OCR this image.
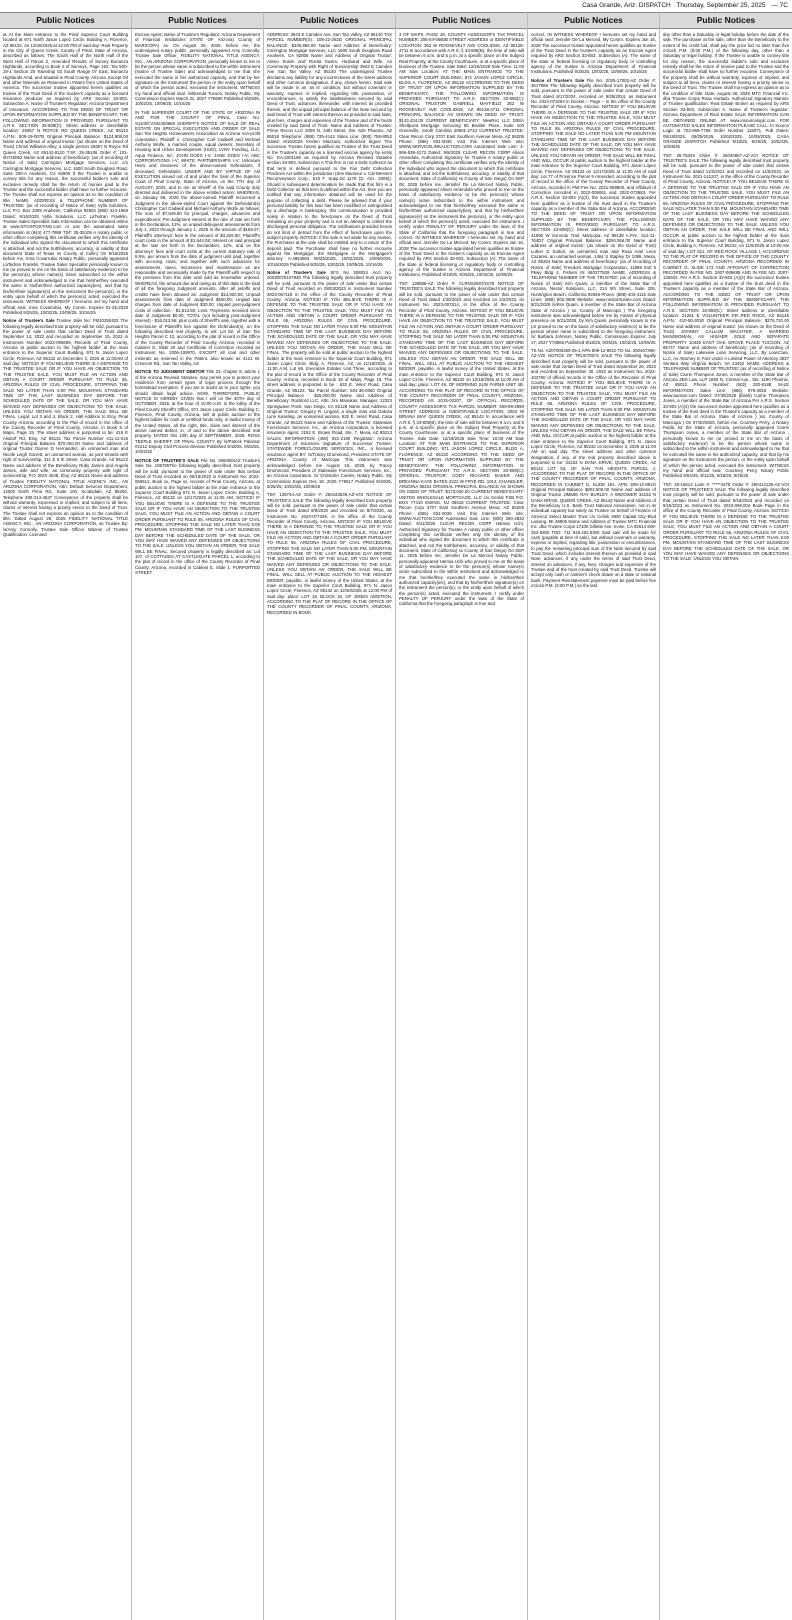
Casa Grande, Ariz. DISPATCH Thursday, September 25, 2025 — 7C
Public Notices

at At the Main entrance to the Pinal Superior Court Building located at 971 North Jason Lopez Circle, Building A, Florence, AZ 85132, on 12/30/2025 at 12:00 PM of said day: Real Property in the City of Queen Creek, County of Pinal, State of Arizona, described as follows: The South Half of the North Half of the West Half of Parcel 2, Amended Results of Survey Bonanza Highlands, according to Book 2 of Surveys, Page 192, Tax 500-19-1 Section 25 Township 03 South Range 07 East, Bonanza Highlands Amd, and situated in Pinal County, Arizona. Except Oil and other Minerals as Reserved in Patent from United States of America. The successor trustee appointed herein qualifies as trustee of the Trust Deed in the trustee's capacity as a licensed insurance producer as required by ARS Section 33-803, Subsection A. Name of Trustee's Regulator: Arizona Department of Insurance. ACCORDING TO THE DEED OF TRUST OR UPON INFORMATION SUPPLIED BY THE BENEFICIARY, THE FOLLOWING INFORMATION IS PROVIDED PURSUANT TO A.R.S. SECTION 33-808(C): Street address or identifiable location: 29357 N ROYCE RD QUEEN CREEK, AZ 85142 A.P.N.: 509-19-007B Original Principal Balance: $124,908.00 Name and address of original trustor: (as shown on the Deed of Trust) Christi Williams-Alley, a single person 29357 N Royce Rd Queen Creek, AZ 85142-8120 T.S#: 25-35106 Order #: 101-00715062 Name and address of beneficiary: (as of recording of Notice of Sale) Carrington Mortgage Services, LLC c/o Carrington Mortgage Services, LLC 1600 South Douglass Road, Suite 200-A Anaheim, CA 92806 If the Trustee is unable to convey title for any reason, the successful bidder's sole and exclusive remedy shall be the return of monies paid to the Trustee and the successful bidder shall have no further recourse. The Trustee shall not express an opinion as to the condition of title. NAME, ADDRESS & TELEPHONE NUMBER OF TRUSTEE: (as of recording of Notice of Sale) Vylla Solutions, LLC P.O. Box 3309 Anaheim, California 92803 (888) 313-1969 Dated: 9/16/2025 Vylla Solutions, LLC LaTedran Franklin, Trustee Sales Specialist Sale Information can be obtained online at www.STOXPOSTING.com or use the automated sales information at (844) 477-7869 TS#: 25-35106 A notary public or other officer completing this certificate verifies only the identity of the individual who signed the document to which this certificate is attached, and not the truthfulness, accuracy, or validity of that document State of Texas ss County of Collin) On 9/16/2025 before me, Irma Covarrubio Notary Public, personally appeared LaTedran Franklin, Trustee Sales Specialist personally known to me (or proved to me on the basis of satisfactory evidence) to be the person(s) whose name(s) is/are subscribed to the within instrument and acknowledged to me that he/she/they executed the same in his/her/their authorized capacity(ies), and that by his/her/their signature(s) on the instrument the person(s), or the entity upon behalf of which the person(s) acted, executed the instrument. WITNESS WHEREOF I hereunto set my hand and official seal. Irma Covarrubio, My Comm. Expires 01-25-2028 Published 9/25/25, 10/02/25, 10/09/25, 10/16/25

Notice of Trustee's Sale Trustee Sale No: FM10250403 The following legally described trust property will be sold, pursuant to the power of sale under that certain Deed of Trust dated September 14, 2022 and recorded on September 15, 2022 in Instrument Number 2022-096699, Records of Pinal County, Arizona at public auction to the highest bidder at the main entrance to the Superior Court Building, 971 N. Jason Lopez Circle, Florence, AZ 85132 on December 3, 2025 at 11:00AM of said day: NOTICE! IF YOU BELIEVE THERE IS A DEFENSE TO THE TRUSTEE SALE OR IF YOU HAVE AN OBJECTION TO THE TRUSTEE SALE, YOU MUST FILE AN ACTION AND OBTAIN A COURT ORDER PURSUANT TO RULE 65, ARIZONA RULES OF CIVIL PROCEDURE, STOPPING THE SALE NO LATER THAN 5:00 PM. MOUNTAIN STANDARD TIME OF THE LAST BUSINESS DAY BEFORE THE SCHEDULED DATE OF THE SALE, OR YOU MAY HAVE WAIVED ANY DEFENSES OR OBJECTIONS TO THE SALE. UNLESS YOU OBTAIN AN ORDER, THE SALE WILL BE FINAL. Legal: Lot 3 and 4, Block 2, Hall Addition to Eloy, Pinal County Arizona, according to the Plat of record in the office of the County Recorder of Pinal County, Arizona, in Book 5 of Maps, Page 15. The street address is purported to be: 415 E Alsdorf Rd, Eloy, AZ 85131 Tax Parcel Number 411-11-016 Original Principal Balance $70,000.00 Name and address of original Trustor Darren D Hernandez, an unmarried man and Nicole Leigh Garrett, an unmarried woman, as joint tenants with right of survivorship, 311 E 9 th Street, Casa Grande, AZ 85122 Name and address of the Beneficiary Ruby James and Angela James, wife and wife, as community property with right of survivorship, P.O. BOX 4048, Eloy, AZ 85131 Name and address of Trustee FIDELITY NATIONAL TITLE AGENCY, INC., AN ARIZONA CORPORATION, Attn: Default Services Department, 14000 North Pima Rd., Suite 100, Scottsdale, AZ 85260, Telephone 480-214-4537 Conveyance of the property shall be without warranty, expressed or implied, and subject to all liens, claims or interest having a priority senior to the Deed of Trust. The Trustee shall not express an opinion as to the condition of title. Dated August 29, 2025 FIDELITY NATIONAL TITLE AGENCY, INC., AN ARIZONA CORPORATION, as Trustee By: /s/Amy Connolly, Trustee Sale Officer Manner of Trustee Qualification: Licensed

Public Notices

Escrow Agent, Name of Trustee's Regulator: Arizona Department of Financial Institutions STATE OF Arizona) County of MARICOPA) ss. On August 29, 2025, before me, the undersigned notary public, personally appeared Amy Connolly, Trustee Sale Officer, FIDELITY NATIONAL TITLE AGENCY, INC., AN ARIZONA CORPORATION, personally known to me to be the person whose name is subscribed to the within instrument (Notice of Trustee Sale) and acknowledged to me that she executed the same in her authorized capacity, and that by her signature on the instrument the person or the entity upon behalf of which the person acted, executed the instrument. WITNESS my hand and official seal. /s/Brenda Tucson, Notary Public, My Commission Expires March 31, 2027 Y78690 Published 9/25/25, 10/02/25, 10/09/25, 10/16/25

IN THE SUPERIOR COURT OF THE STATE OF ARIZONA IN AND FOR THE COUNTY OF PINAL Case No. S1100CV202400686 SHERIFF'S NOTICE OF SALE OF REAL ESTATE ON SPECIAL EXECUTION AND ORDER OF SALE San Tan Heights Homeowners Association an Arizona non-profit corporation, Plaintiff v. Christopher Carl Cadwell and Michael Anthony Wolfe, a married couple, equal owners; Secretary of Housing and Urban Development (HUD); LVNV Funding, LLC; Aqua Finance, Inc; JOHN DOES I-V; JANE DOES I-V; ABC CORPORATIONS I-V; WHITE PARTNERSHIPS I-V; Unknown Heirs and Devisees of the above-named Defendants, if deceased, Defendants. UNDER AND BY VIRTUE OF AN EXECUTION issued out of and under the Seal of the Superior Court of Pinal County, State of Arizona, on the 7TH day of AUGUST, 2025, and to me as Sheriff of the said County duly directed and delivered in the above entitled action: WHEREAS, on January 06, 2025 the above-named Plaintiff recovered a Judgment in the above-styled Court against the Defendant(s) Christopher Carl Cadwell and Michael Anthony Wolfe as follows: The sum of $7,849.50 for principal, charges, advances and expenditures; Pre-Judgment interest at the rate of rate set forth in the Declaration, 12%, on unpaid delinquent assessments from July 1, 2023 through January 1, 2025 in the amount of $169.07; Plaintiff's attorneys' fees in the amount of $4,326.50; Plaintiff's court costs in the amount of $1,644.08; Interest on said principal at the rate set forth in the Declaration, 12%, and on the attorneys' fees and court costs at the current statutory rate of 8.5%, per annum from the date of judgment until paid, together with accruing costs; and together with such advances for assessments, taxes, insurances and maintenance as are reasonable and necessarily made by the Plaintiff with respect to the premises from this date until sold as hereinafter ordered. WHEREAS, the amount due and owing as of this date is the total of all the foregoing Judgment amounts, after all setoffs and credits have been allowed as: Judgment $13,820.08; Unpaid assessments from date of Judgment $500.00; Unpaid late charges from date of Judgment $30.00; Unpaid post-judgment costs of collection - $1,613.50; Less: Payments received since date of Judgment $0.00; TOTAL (not including post-Judgment interest) - $16,013.58, plus costs of Sheriff's sale, together with a foreclosure of Plaintiff's lien against the Defendant(s), on the following described real property, to wit: Lot 52, of San Tan Heights Parcel C 12, according to the plat of record in the Office of the County Recorder of Pinal County, Arizona, recorded in Cabinet G, Slide 20 and Certificate of Correction recorded as Instrument No. 2006-109970. EXCEPT all coal and other minerals as reserved in the Patent. also known as 4121 W. Crescent Rd., San Tan Valley, AZ.

NOTICE TO JUDGMENT DEBTOR Title 33, chapter 8, article 1 of the Arizona Revised Statutes, may permit you to protect your residence from certain types of legal process through the homestead exemption. If you are in doubt as to your rights, you should obtain legal advice. NOW, THEREFORE, PUBLIC NOTICE IS HEREBY GIVEN that I will on the 30TH day of OCTOBER, 2025, at the hour of 10:00 A.M. in the lobby of the Pinal County Sheriff's Office, 971 Jason Lopez Circle, Building C, Florence, Pinal County, Arizona, sell at public auction to the highest bidder for cash or certified funds only, in lawful money of the United States, all the right, title, claim and interest of the above named debtor, in, of and to the above described real property. DATED this 10th day of SEPTEMBER, 2025. ROSS TEEPLE SHERIFF OF PINAL COUNTY By /s/Patrick Palomar #2212 Deputy Civil Process Division Published 9/18/25, 9/25/25, 10/02/25

NOTICE OF TRUSTEE'S SALE File No. 2684584AZ Trustee's Sale No. 186795The following legally described trust property will be sold, pursuant to the power of sale under that certain Deed of Trust recorded on 05/18/2022 in Instrument No. 2022-066512, Book xx, Page xx, records of Pinal County, Arizona, at public auction to the highest bidder at the main entrance to the Superior Court Building 971 N. Jason Lopez Circle, Building A, Florence, AZ 85132 on 12/17/2025 at 11:00 AM, NOTICE! IF YOU BELIEVE THERE IS A DEFENSE TO THE TRUSTEE SALE OR IF YOU HAVE AN OBJECTION TO THE TRUSTEE SALE, YOU MUST FILE AN ACTION AND OBTAIN A COURT ORDER PURSUANT TO RULE 65, ARIZONA RULES OF CIVIL PROCEDURE, STOPPING THE SALE NO LATER THAN 5:00 PM. MOUNTAIN STANDARD TIME OF THE LAST BUSINESS DAY BEFORE THE SCHEDULED DATE OF THE SALE, OR YOU MAY HAVE WAIVED ANY DEFENSES OR OBJECTIONS TO THE SALE. UNLESS YOU OBTAIN AN ORDER, THE SALE WILL BE FINAL. Secured property is legally described as: Lot 107, of COTTAGES AT CASTLEGATE PARCEL 1, according to the plat of record in the office of the County Recorder of Pinal County, Arizona, recorded in Cabinet E, Slide 1. PURPORTED STREET

Public Notices

ADDRESS: 3943 E Camden Ave, San Tan Valley, AZ 85140 TAX PARCEL NUMBER(S): 109-22-262D ORIGINAL PRINCIPAL BALANCE: $345,956.00 Name and Address of Beneficiary: Carrington Mortgage Services, LLC 1600 South Douglass Road Anaheim, CA 92806 Name and Address of Original Trustor: Alvino Susim and Rosita Susim, Husband and Wife, As Community Property with Right of Survivorship 3943 E Camden Ave San Tan Valley, AZ 85140 The undersigned Trustee disclaims any liability for any incorrectness of the street address and other common designation, if any, shown herein. Said sale will be made in an 'as is' condition, but without covenant or warranty, express or implied, regarding title, possession, or encumbrances, to satisfy the indebtedness secured by said Deed of Trust, advances thereunder, with interest as provided therein, and the unpaid principal balance of the Note secured by said Deed of Trust with interest thereon as provided in said Note, plus fees, charges and expenses of the Trustee and of the trusts created by said Deed of Trust. Name and Address of Trustee: Prime Recon LLC 2009 N. 44th Street, Ste. 625 Phoenix, AZ 85018 Telephone: (888) 725-4142 Sales Line: (800) 758-8052 Dated: 9/16/2025 Kristen Mazzara, Authorized Signer The successor Trustee herein qualifies as Trustee of the Trust Deed in the Trustee's capacity as a licensed escrow agency by entity No: EA-2001166 as required by Arizona Revised Statutes section 33-803, Subsection A This firm is not a Debt Collector as that term is defined pursuant to the Fair Debt Collection Practices Act within the jurisdiction (See Mansour v. Cal-Western Reconveyance Corp., 618 F. Supp.2d 1178 (D. Ariz. 2009)). Should a subsequent determination be made that this firm is a Debt Collector as that term is defined within the Act, then you are notified that any information obtained will be used for the purpose of collecting a debt. Please be advised that if your personal liability for this loan has been modified or extinguished by a discharge in bankruptcy, this communication is provided solely in relation to the foreclosure on the Deed of Trust remaining on your property and is not an attempt to collect the discharged personal obligation. The notifications provided herein do not limit or detract from the effect of foreclosure upon the subject property. NOTICE: If the sale is set aside for any reason, the Purchaser at the sale shall be entitled only to a return of the deposit paid. The Purchaser shall have no further recourse against the Mortgagor, the Mortgagee or the Mortgagee's attorney. A-4853583 09/25/2025, 10/02/2025, 10/09/2025, 10/16/2025 Published 9/25/25, 10/02/25, 10/09/25, 10/16/25

Notice of Trustee's Sale SFS No 508024 Acct No. 20030076107930 The following legally described trust property will be sold, pursuant to the power of sale under that certain Deed of Trust recorded on 08/03/2023 in Instrument Number 2023-067115 in the office of the County Recorder of Pinal County, Arizona. NOTICE! IF YOU BELIEVE THERE IS A DEFENSE TO THE TRUSTEE SALE OR IF YOU HAVE AN OBJECTION TO THE TRUSTEE SALE, YOU MUST FILE AN ACTION AND OBTAIN A COURT ORDER PURSUANT TO RULE 65, ARIZONA RULES OF CIVIL PROCEDURE, STOPPING THE SALE NO LATER THAN 5:00 PM. MOUNTAIN STANDARD TIME OF THE LAST BUSINESS DAY BEFORE THE SCHEDULED DATE OF THE SALE, OR YOU MAY HAVE WAIVED ANY DEFENSES OR OBJECTIONS TO THE SALE. UNLESS YOU OBTAIN AN ORDER, THE SALE WILL BE FINAL. The property will be sold at public auction to the highest bidder at the main entrance to the Superior Court Building, 971 Jason Lopez Circle, Bldg. A, Florence, AZ, on 11/18/2025, at 11:00 A.M. Lot 66, Executive Estates Unit Three, according to the plat of record in the Office of the County Recorder of Pinal County, Arizona, recorded in Book 19 of Maps, Page 18. The street address is purported to be : 632 E. Velez Road, Casa Grande, AZ 85122. Tax Parcel Number: 504-36-0060 Original Principal Balance : $25,000.00 Name and Address of Beneficiary: Rocklord LLC, Attn: Jim Manukas, Manager, 12323 Springwave Point, San Diego, CA 92128 Name and Address of Original Trustor: Gregory R. Lingard, a single man and Dakota Lynn Keasling, an unmarried woman, 632 E. Velez Road, Casa Grande, AZ 85122 Name and Address of the Trustee: Statewide Foreclosure Services, Inc., an Arizona corporation, a licensed insurance agent, 2152 E. Brown Road, Ste. 7, Mesa, AZ 85213 SALES INFORMATION (480) 921-2190 Regulator: Arizona Department of Insurance Signature of Successor Trustee: STATEWIDE FORECLOSURE SERVICES, INC., a licensed insurance agent BY: /s/Tracey Drummond, President STATE OF ARIZONA, County of Maricopa This instrument was acknowledged before me August 18, 2025, by Tracey Drummond, President of Statewide Foreclosure Services, Inc., an Arizona corporation. /s/ Christofer Coelen, Notary Public, My Commission Expires Dec 10, 2025 Y78517 Published 9/18/25, 9/25/25, 10/02/25, 10/09/25

TS#: 139744-AZ Order #: 250443536-AZ-VOI NOTICE OF TRUSTEE'S SALE The following legally described trust property will be sold, pursuant to the power of sale under that certain Deed of Trust dated 8/9/2020 and recorded on 8/7/2020, as Instrument No. 2020-077329, in the office of the County Recorder of Pinal County, Arizona. NOTICE! IF YOU BELIEVE THERE IS A DEFENSE TO THE TRUSTEE SALE OR IF YOU HAVE AN OBJECTION TO THE TRUSTEE SALE, YOU MUST FILE AN ACTION AND OBTAIN A COURT ORDER PURSUANT TO RULE 65, ARIZONA RULES OF CIVIL PROCEDURE, STOPPING THE SALE NO LATER THAN 5:00 PM. MOUNTAIN STANDARD TIME OF THE LAST BUSINESS DAY BEFORE THE SCHEDULED DATE OF THE SALE, OR YOU MAY HAVE WAIVED ANY DEFENSES OR OBJECTIONS TO THE SALE. UNLESS YOU OBTAIN AN ORDER, THE SALE WILL BE FINAL. WILL SELL AT PUBLIC AUCTION TO THE HIGHEST BIDDER, payable, in lawful money of the United States, at the main entrance to the Superior Court Building, 971 N. Jason Lopez Circle, Florence, AZ 85132 on 12/30/2025 at 12:00 PM of said day: place: LOT 19, BLOCK 16, OF JONES ADDITION, ACCORDING TO THE PLAT OF RECORD IN THE OFFICE OF THE COUNTY RECORDER OF PINAL COUNTY, ARIZONA, RECORDED IN BOOK

Public Notices

3 OF MAPS, PAGE 28. COUNTY ASSESSOR'S TAX PARCEL NUMBER: 205-04-0580B STREET ADDRESS or IDENTIFIABLE LOCATION: 352 W ROOSEVELT AVE COOLIDGE, AZ 85128-4711 In accordance with A.R.S. § 33-808(B), the time of sale will be between 9 a.m. and 5 p.m. at a specific place on the Subject Real Property, at the County Courthouse, or at a specific place of business of the Trustee. Sale Date: 12/18/2025 Sale Time: 11:00 AM Sale Location: AT THE MAIN ENTRANCE TO THE SUPERIOR COURT BUILDING, 971 JASON LOPEZ CIRCLE, BLDG A, FLORENCE, AZ 85132 ACCORDING TO THE DEED OF TRUST OR UPON INFORMATION SUPPLIED BY THE BENEFICIARY, THE FOLLOWING INFORMATION IS PROVIDED PURSUANT TO A.R.S. SECTION 33-808(C): ORIGINAL TRUSTOR: GABRIELL MAYFIELD 352 W ROOSEVELT AVE COOLIDGE, AZ 85128-4711 ORIGINAL PRINCIPAL BALANCE AS SHOWN ON DEED OF TRUST: $143,434.00 CURRENT BENEFICIARY: NewRez LLC D/B/A Shellpoint Mortgage Servicing 55 Beattie Place, Suite 100 Greenville, South Carolina 29601-2743 CURRENT TRUSTEE: Clear Recon Corp 3707 East Southern Avenue Mesa, AZ 85206 Phone: (866) 931-0036 Visit this Internet Web site: WWW.SERVICELINKAUCTION.COM Automated Sale Line: 1-866-539-4173 Dated: 9/8/2025 CLEAR RECON CORP Alison Amendola, Authorized Signatory for Trustee A notary public or other officer completing this certificate verifies only the identity of the individual who signed the document to which this certificate is attached, and not the truthfulness, accuracy, or validity of that document. State of California) ss County of San Diego) On SEP 08, 2025 before me, Jennifer De La Merced Notary Public, personally appeared Alison Amendola who proved to me on the basis of satisfactory evidence to be the person(s) whose name(s) is/are subscribed to the within instrument and acknowledged to me that he/she/they executed the same in his/her/their authorized capacity(ies), and that by his/her/their signature(s) on the instrument the person(s), or the entity upon behalf of which the person(s) acted, executed the instrument. I certify under PENALTY OF PERJURY under the laws of the State of California that the foregoing paragraph is true and correct. IN WITNESS WHEREOF I hereunto set my hand and official seal. Jennifer De La Merced, My Comm. Expires Jan 16, 2028 The successor trustee appointed herein qualifies as trustee of the Trust Deed in the trustee's capacity as an Escrow Agent required by ARS Section 33-803, Subsection (A). The name of the state or federal licensing or regulatory body or controlling agency of the trustee is Arizona Department of Financial Institutions. Published 9/18/25, 9/25/25, 10/02/25, 10/09/25

TS#: 138586-AZ Order #: CLRNS2587/1079 NOTICE OF TRUSTEE'S SALE The following legally described trust property will be sold, pursuant to the power of sale under that certain Deed of Trust dated 1/30/2023 and recorded on 2/2/2023, as Instrument No. 2023-007814, in the office of the County Recorder of Pinal County, Arizona. NOTICE! IF YOU BELIEVE THERE IS A DEFENSE TO THE TRUSTEE SALE OR IF YOU HAVE AN OBJECTION TO THE TRUSTEE SALE, YOU MUST FILE AN ACTION AND OBTAIN A COURT ORDER PURSUANT TO RULE 65, ARIZONA RULES OF CIVIL PROCEDURE, STOPPING THE SALE NO LATER THAN 5:00 PM. MOUNTAIN STANDARD TIME OF THE LAST BUSINESS DAY BEFORE THE SCHEDULED DATE OF THE SALE, OR YOU MAY HAVE WAIVED ANY DEFENSES OR OBJECTIONS TO THE SALE. UNLESS YOU OBTAIN AN ORDER, THE SALE WILL BE FINAL. WILL SELL AT PUBLIC AUCTION TO THE HIGHEST BIDDER, payable, in lawful money of the United States, at the main entrance to the Superior Court Building, 971 N. Jason Lopez Circle, Florence, AZ 85132 on 12/18/2025 at 11:00 AM of said day: place: LOT 46, OF MORNING SUN FARMS UNIT 4B, ACCORDING TO THE PLAT OF RECORD IN THE OFFICE OF THE COUNTY RECORDER OF PINAL COUNTY, ARIZONA, RECORDED AS 2015-02207, OF OFFICIAL RECORDS. COUNTY ASSESSOR'S TAX PARCEL NUMBER: 509-99-2990 STREET ADDRESS or IDENTIFIABLE LOCATION: 2002 W BRIANA WAY QUEEN CREEK, AZ 85142 In accordance with A.R.S. § 33-808(B), the time of sale will be between 9 a.m. and 5 p.m. at a specific place on the Subject Real Property, at the County Courthouse, or at a specific place of business of the Trustee. Sale Date: 12/18/2025 Sale Time: 10:00 AM Sale Location: AT THE MAIN ENTRANCE TO THE SUPERIOR COURT BUILDING, 971 JASON LOPEZ CIRCLE, BLDG A, FLORENCE, AZ 85132 ACCORDING TO THE DEED OF TRUST OR UPON INFORMATION SUPPLIED BY THE BENEFICIARY, THE FOLLOWING INFORMATION IS PROVIDED PURSUANT TO A.R.S. SECTION 33-808(C): ORIGINAL TRUSTOR: CODY RICHARD BAKER AND BREANNA KAYE BATES 2222 W FRYE RD. 1014, CHANDLER, ARIZONA 85224 ORIGINAL PRINCIPAL BALANCE AS SHOWN ON DEED OF TRUST: $173,030.00 CURRENT BENEFICIARY: UNITED WHOLESALE MORTGAGE, LLC c/o Cenlar FSB P.O. BOX 77410 EWING, NJ 08618 CURRENT TRUSTEE: Clear Recon Corp 3707 East Southern Avenue Mesa, AZ 85206 Phone: (866) 931-0036 Visit this Internet Web site: WWW.AUCTION.COM Automated Sale Line: (800) 280-2832 Dated: 9/11/2025 CLEAR RECON CORP Hamsa Uchi, Authorized Signatory for Trustee A notary public or other officer completing this certificate verifies only the identity of the individual who signed the document to which this certificate is attached, and not the truthfulness, accuracy, or validity of that document. State of California) ss County of San Diego) On SEP 11, 2025 before me, Jennifer De La Merced Notary Public, personally appeared Hamsa Uchi who proved to me on the basis of satisfactory evidence to be the person(s) whose name(s) is/are subscribed to the within instrument and acknowledged to me that he/she/they executed the same in his/her/their authorized capacity(ies), and that by his/her/their signature(s) on the instrument the person(s), or the entity upon behalf of which the person(s) acted, executed the instrument. I certify under PENALTY OF PERJURY under the laws of the State of California that the foregoing paragraph is true and

Public Notices

correct. IN WITNESS WHEREOF I hereunto set my hand and official seal. Jennifer De La Merced, My Comm. Expires Jan 16, 2028 The successor trustee appointed herein qualifies as trustee of the Trust Deed in the trustee's capacity as an Escrow Agent required by ARS Section 33-803, Subsection (A). The name of the state or federal licensing or regulatory body or controlling agency of the trustee is Arizona Department of Financial Institutions. Published 9/25/25, 10/02/25, 10/09/25, 10/16/25

Notice of Trustee's Sale File No. 2025-17002-AZ Order #: 3617988 The following legally described trust property will be sold, pursuant to the power of sale under that certain Deed of Trust dated 9/17/2024, recorded on 9/25/2024, as Instrument No. 2024-073294 in Docket -- Page -- in the office of the County Recorder of Pinal County, Arizona. NOTICE! IF YOU BELIEVE THERE IS A DEFENSE TO THE TRUSTEE SALE OR IF YOU HAVE AN OBJECTION TO THE TRUSTEE SALE, YOU MUST FILE AN ACTION AND OBTAIN A COURT ORDER PURSUANT TO RULE 65, ARIZONA RULES OF CIVIL PROCEDURE, STOPPING THE SALE NO LATER THAN 5:00 PM MOUNTAIN STANDARD TIME OF THE LAST BUSINESS DAY BEFORE THE SCHEDULED DATE OF THE SALE, OR YOU MAY HAVE WAIVED ANY DEFENSES OR OBJECTIONS TO THE SALE. UNLESS YOU OBTAIN AN ORDER, THE SALE WILL BE FINAL AND WILL OCCUR at public auction to the highest bidder at the main entrance to the Superior Court Building, 971 Jason Lopez Circle, Florence, AZ 85132 on 12/17/2025 at 11:00 AM of said day: Lot 77 of Province Parcel 9 Amended, according to the plat of record in the office of the County Recorder of Pinal County, Arizona, recorded in Plat Fee No. 2021-088900, and Affidavit of Correction recorded in 2022-006061 and 2022-073883. Per A.R.S. Section 33-803 (A)(2), the successor trustee appointed here qualifies as a trustee of the trust deed in the Trustee's capacity as a member of the State Bar of Arizona. ACCORDING TO THE DEED OF TRUST OR UPON INFORMATION SUPPLIED BY THE BENEFICIARY, THE FOLLOWING INFORMATION IS PROVIDED PURSUANT TO A.R.S. SECTION 33-808(C): Street address or identifiable location: 41590 W Sonoran Trail, Maricopa, AZ 85138 A.P.N.: 512-11-764D7 Original Principal Balance: $294,556.00 Name and address of original trustor: (as shown on the Deed of Trust) Luther D Sutton, an unmarried man and Rosa Ariel Leon Cazares, an unmarried woman, 1464 S Stapley Dr 1086, Mesa, AZ 85204 Name and address of beneficiary: (as of recording of Notice of Sale) Freedom Mortgage Corporation, 11988 Exit 5 Pkwy Bldg 4, Fishers IN 460377939 NAME, ADDRESS & TELEPHONE NUMBER OF THE TRUSTEE: (as of recording of Notice of Sale) Kim Quam, a member of the State Bar of Arizona, Nestor Solutions, LLC, 214 5th Street, Suite 205, Huntington Beach, California 92648 Phone: (888) 403-4115 Sale Lines: (888) 902-3989 Website: www.nestortrustee.com Dated: 8/21/2025 /s/Kim Quam, a member of the State Bar of Arizona State of Arizona ) ss. County of Maricopa ) The foregoing instrument was acknowledged before me by means of physical presence on 8/21/2025, by Kim Quam, personally known to me (or proved to me on the basis of satisfactory evidence) to be the person whose name is subscribed to the foregoing instrument. /s/ Barbara Johnson, Notary Public, Commission Expires: July 17, 2027 Y78566 Published 9/18/25, 9/25/25, 10/02/25, 10/09/25

TS No. AZ07000260-25-1 APN 509-12-8910 TO No. 250467395-AZ-VOI NOTICE OF TRUSTEE'S SALE The following legally described trust property will be sold, pursuant to the power of sale under that certain Deed of Trust dated September 26, 2022 and recorded on September 30, 2022 as Instrument No. 2022-103780 of official records in the Office of the Recorder of Pinal County, Arizona. NOTICE! IF YOU BELIEVE THERE IS A DEFENSE TO THE TRUSTEE SALE OR IF YOU HAVE AN OBJECTION TO THE TRUSTEE SALE, YOU MUST FILE AN ACTION AND OBTAIN A COURT ORDER PURSUANT TO RULE 65, ARIZONA RULES OF CIVIL PROCEDURE, STOPPING THE SALE NO LATER THAN 5:00 PM. MOUNTAIN STANDARD TIME OF THE LAST BUSINESS DAY BEFORE THE SCHEDULED DATE OF THE SALE, OR YOU MAY HAVE WAIVED ANY DEFENSES OR OBJECTIONS TO THE SALE. UNLESS YOU OBTAIN AN ORDER, THE SALE WILL BE FINAL AND WILL OCCUR at public auction to the highest bidder at the main entrance to the Superior Court Building, 971 N. Jason Lopez Circle, Florence, AZ 85232 on December 3, 2025 at 11:00 AM on said day. The street address and other common designation, if any, of the real property described above is purported to be: 34153 N DANA DRIVE, QUEEN CREEK, AZ 85142 LOT 53, OF SAN TAN HEIGHTS PARCEL J, ACCORDING TO THE PLAT OF RECORD IN THE OFFICE OF THE COUNTY RECORDER OF PINAL COUNTY, ARIZONA, RECORDED IN CABINET G, SLIDE 181. APN: 509-12-891O Original Principal Balance $802,500.00 Name and address of Original Trustor JIMMIE RAY BURLEY, A WIDOWER 34153 N DANA DRIVE, QUEEN CREEK, AZ 85142 Name and Address of the Beneficiary U.S. Bank Trust National Association, not in its individual capacity but solely as Trustee on behalf of Finance of America Select Master Trust c/o Celink 3900 Capital City Blvd Lansing, MI 48906 Name and Address of Trustee MTC Financial Inc. dba Trustee Corps 17100 Gillette Ave, Irvine, CA 92614 949-252-8300 TDD: 711 949.252.8300 Said sale will be made for cash (payable at time of sale), but without covenant or warranty, express or implied, regarding title, possession or encumbrances, to pay the remaining principal sum of the Note secured by said Trust Deed, which includes interest thereon as provided in said Note, advances, if any under the terms of said Trust Deed, interest on advances, if any, fees, charges and expenses of the Trustee and of the trust created by said Trust Deed. Trustee will accept only cash or cashier's check drawn on a state or national bank. Payment Reinstatement payment must be paid before five o'clock P.M. (5:00 P.M.) on the last

Public Notices

day other than a Saturday or legal holiday before the date of the sale. The purchaser at the sale, other than the Beneficiary to the extent of his credit bid, shall pay the price bid no later than five o'clock P.M. (5:00 P.M.) of the following day, other than a Saturday or legal holiday. If the Trustee is unable to convey title for any reason, the successful bidder's sole and exclusive remedy shall be the return of monies paid to the Trustee and the successful bidder shall have no further recourse. Conveyance of the property shall be without warranty, express or implied, and subject to all liens, claims or interest having a priority senior to the Deed of Trust. The Trustee shall not express an opinion as to the condition of title. Date: August 28, 2025 MTC Financial Inc. dba Trustee Corps Rosa Hurtado, Authorized Signatory Manner of Trustee qualification: Real Estate Broker as required by ARS Section 33-803, Subsection A. Name of Trustee's regulator: Arizona Department of Real Estate SALE INFORMATION CAN BE OBTAINED ONLINE AT www.insourcelogic.com FOR AUTOMATED SALES INFORMATION PLEASE CALL: In Source Logic at 702-659-7766 Order Number 115071, Pub Dates: 09/18/2025, 09/25/2025, 10/02/2025, 10/09/2025, CASA GRANDE DISPATCH Published 9/18/25, 9/25/25, 10/02/25, 10/09/25

TS#: 25-75349 Order #: 25040857-AZ-VOI NOTICE OF TRUSTEE'S SALE The following legally described trust property will be sold, pursuant to the power of sale under that certain Deed of Trust dated 11/5/2021 and recorded on 11/5/2021, as Instrument No. 2021-141207, in the office of the County Recorder of Pinal County, Arizona. NOTICE! IF YOU BELIEVE THERE IS A DEFENSE TO THE TRUSTEE SALE OR IF YOU HAVE AN OBJECTION TO THE TRUSTEE SALE, YOU MUST FILE AN ACTION AND OBTAIN A COURT ORDER PURSUANT TO RULE 65, ARIZONA RULES OF CIVIL PROCEDURE, STOPPING THE SALE NO LATER THAN 5:00 PM. MOUNTAIN STANDARD TIME OF THE LAST BUSINESS DAY BEFORE THE SCHEDULED DATE OF THE SALE, OR YOU MAY HAVE WAIVED ANY DEFENSES OR OBJECTIONS TO THE SALE. UNLESS YOU OBTAIN AN ORDER, THE SALE WILL BE FINAL AND WILL OCCUR at public auction to the highest bidder at the main entrance to the Superior Court Building, 971 N. Jason Lopez Circle, Building A, Florence, AZ 85232, on 11/6/2025 at 10:00 AM of said day: LOT 321, OF RED ROCK VILLAGE I, ACCORDING TO THE PLAT OF RECORD IN THE OFFICE OF THE COUNTY RECORDER OF PINAL COUNTY, ARIZONA RECORDED IN CABINET G, SLIDE 173 AND AFFIDAVIT OF CORRECTION RECORDED IN FEE NO. 2007-089688 AND IN FEE NO. 2007-135932. Per A.R.S. Section 33-803 (A)(2) the successor trustee appointed here qualifies as a trustee of the trust deed in the Trustee's capacity as a member of the State Bar of Arizona. ACCORDING TO THE DEED OF TRUST OR UPON INFORMATION SUPPLIED BY THE BENEFICIARY, THE FOLLOWING INFORMATION IS PROVIDED PURSUANT TO A.R.S. SECTION 33-808(C): Street address or identifiable location: 21261 E VOLUNTEER DR RED ROCK, AZ 85145 A.P.N.: 410-50-3030 Original Principal Balance: $276,720.00 Name and address of original trustor: (as shown on the Deed of Trust) JOHNNY CALLUM WACHTER, A MARRIED MAN/WOMAN, AS HIS/HER SOLE AND SEPARATE PROPERTY 10445 EAST OAK GROVE PLACE TUCSON, AZ 85747 Name and address of beneficiary: (as of recording of Notice of Sale) Lakeview Loan Servicing, LLC, By LoanCare, LLC, As Attorney In Fact Under A Limited Power of Attorney 3637 Sentara Way Virginia Beach, VA 23452 NAME, ADDRESS & TELEPHONE NUMBER OF TRUSTEE: (as of recording of Notice of Sale) Carrie Thompson Jones, a member of the State Bar of Arizona ZBS Law, LLP 1850 N. Central Ave., Ste. 1190 Phoenix, AZ 85012 Phone Number: (602) 282-6188 SALE INFORMATION: Sales Line: (866) 976-3916 Website: www.auction.com Dated: 07/30/2025 (blank) Carrie Thompson Jones, a member of the State Bar of Arizona Per A.R.S. Section 33-803 (A)(2) the successor trustee appointed here qualifies as a trustee of the trust deed in the Trustee's capacity as a member of the State Bar of Arizona. State of Arizona ) )ss. County of Maricopa ) On 07/30/2025, before me, Courtney Perry, a Notary Public for the State of Arizona, personally appeared Carrie Thompson Jones, a member of the State Bar of Arizona , personally known to me (or proved to me on the basis of satisfactory evidence) to be the person whose name is subscribed to the within instrument and acknowledged to me that he executed the same in his authorized capacity, and that by his signature on the instrument the person, or the entity upon behalf of which the person acted, executed the instrument. WITNESS my hand and official seal. Courtney Perry Notary Public Published 9/04/25, 9/11/25, 9/18/25, 9/25/25

TS#: 25-15613 Loan #: *****4478 Order #: 250414136-AZ-VOI NOTICE OF TRUSTEE'S SALE The following legally described trust property will be sold, pursuant to the power of sale under that certain Deed of Trust dated 9/18/2023 and recorded on 9/18/2023 as Instrument No. 2023-069,004 Book Page in the office of the County Recorder of Pinal County, Arizona. NOTICE! IF YOU BELIEVE THERE IS A DEFENSE TO THE TRUSTEE SALE OR IF YOU HAVE AN OBJECTION TO THE TRUSTEE SALE, YOU MUST FILE AN ACTION AND OBTAIN A COURT ORDER PURSUANT TO RULE 65, ARIZONA RULES OF CIVIL PROCEDURE, STOPPING THE SALE NO LATER THAN 5:00 PM. MOUNTAIN STANDARD TIME OF THE LAST BUSINESS DAY BEFORE THE SCHEDULED DATE OF THE SALE, OR YOU MAY HAVE WAIVED ANY DEFENSES OR OBJECTIONS TO THE SALE. UNLESS YOU OBTAIN
